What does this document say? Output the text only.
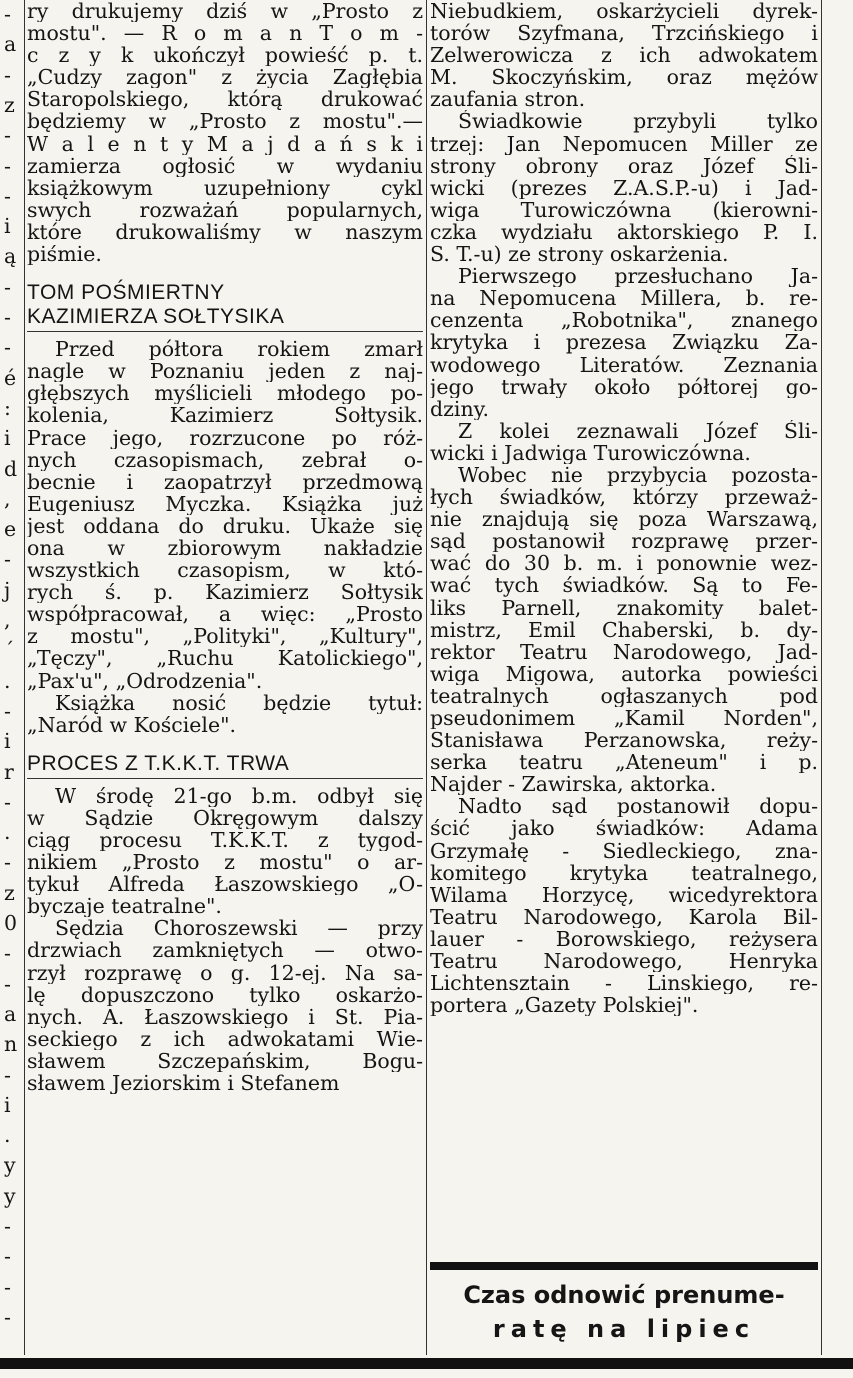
-
a
-
z
-
-
-
i
ą
-
-
-
é
:
i
d
,
e
-
j
,
ˊ
.
-
i
r
-
.
-
z
0
-
-
a
n
-
i
.
y
y
-
-
-
-
ry drukujemy dziś w „Prosto z
mostu". — R o m a n T o m -
c z y k ukończył powieść p. t.
„Cudzy zagon" z życia Zagłębia
Staropolskiego, którą drukować
będziemy w „Prosto z mostu".—
W a l e n t y M a j d a ń s k i
zamierza ogłosić w wydaniu
książkowym uzupełniony cykl
swych rozważań popularnych,
które drukowaliśmy w naszym
piśmie.
TOM POŚMIERTNY
KAZIMIERZA SOŁTYSIKA
Przed półtora rokiem zmarł
nagle w Poznaniu jeden z naj-
głębszych myślicieli młodego po-
kolenia, Kazimierz Sołtysik.
Prace jego, rozrzucone po róż-
nych czasopismach, zebrał o-
becnie i zaopatrzył przedmową
Eugeniusz Myczka. Książka już
jest oddana do druku. Ukaże się
ona w zbiorowym nakładzie
wszystkich czasopism, w któ-
rych ś. p. Kazimierz Sołtysik
współpracował, a więc: „Prosto
z mostu", „Polityki", „Kultury",
„Tęczy", „Ruchu Katolickiego",
„Pax'u", „Odrodzenia".
Książka nosić będzie tytuł:
„Naród w Kościele".
PROCES Z T.K.K.T. TRWA
W środę 21-go b.m. odbył się
w Sądzie Okręgowym dalszy
ciąg procesu T.K.K.T. z tygod-
nikiem „Prosto z mostu" o ar-
tykuł Alfreda Łaszowskiego „O-
byczaje teatralne".
Sędzia Choroszewski — przy
drzwiach zamkniętych — otwo-
rzył rozprawę o g. 12-ej. Na sa-
lę dopuszczono tylko oskarżo-
nych. A. Łaszowskiego i St. Pia-
seckiego z ich adwokatami Wie-
sławem Szczepańskim, Bogu-
sławem Jeziorskim i Stefanem
Niebudkiem, oskarżycieli dyrek-
torów Szyfmana, Trzcińskiego i
Zelwerowicza z ich adwokatem
M. Skoczyńskim, oraz mężów
zaufania stron.
Świadkowie przybyli tylko
trzej: Jan Nepomucen Miller ze
strony obrony oraz Józef Śli-
wicki (prezes Z.A.S.P.-u) i Jad-
wiga Turowiczówna (kierowni-
czka wydziału aktorskiego P. I.
S. T.-u) ze strony oskarżenia.
Pierwszego przesłuchano Ja-
na Nepomucena Millera, b. re-
cenzenta „Robotnika", znanego
krytyka i prezesa Związku Za-
wodowego Literatów. Zeznania
jego trwały około półtorej go-
dziny.
Z kolei zeznawali Józef Śli-
wicki i Jadwiga Turowiczówna.
Wobec nie przybycia pozosta-
łych świadków, którzy przeważ-
nie znajdują się poza Warszawą,
sąd postanowił rozprawę przer-
wać do 30 b. m. i ponownie wez-
wać tych świadków. Są to Fe-
liks Parnell, znakomity balet-
mistrz, Emil Chaberski, b. dy-
rektor Teatru Narodowego, Jad-
wiga Migowa, autorka powieści
teatralnych ogłaszanych pod
pseudonimem „Kamil Norden",
Stanisława Perzanowska, reży-
serka teatru „Ateneum" i p.
Najder - Zawirska, aktorka.
Nadto sąd postanowił dopu-
ścić jako świadków: Adama
Grzymałę - Siedleckiego, zna-
komitego krytyka teatralnego,
Wilama Horzycę, wicedyrektora
Teatru Narodowego, Karola Bil-
lauer - Borowskiego, reżysera
Teatru Narodowego, Henryka
Lichtensztain - Linskiego, re-
portera „Gazety Polskiej".
Czas odnowić prenume-
ratę na lipiec
